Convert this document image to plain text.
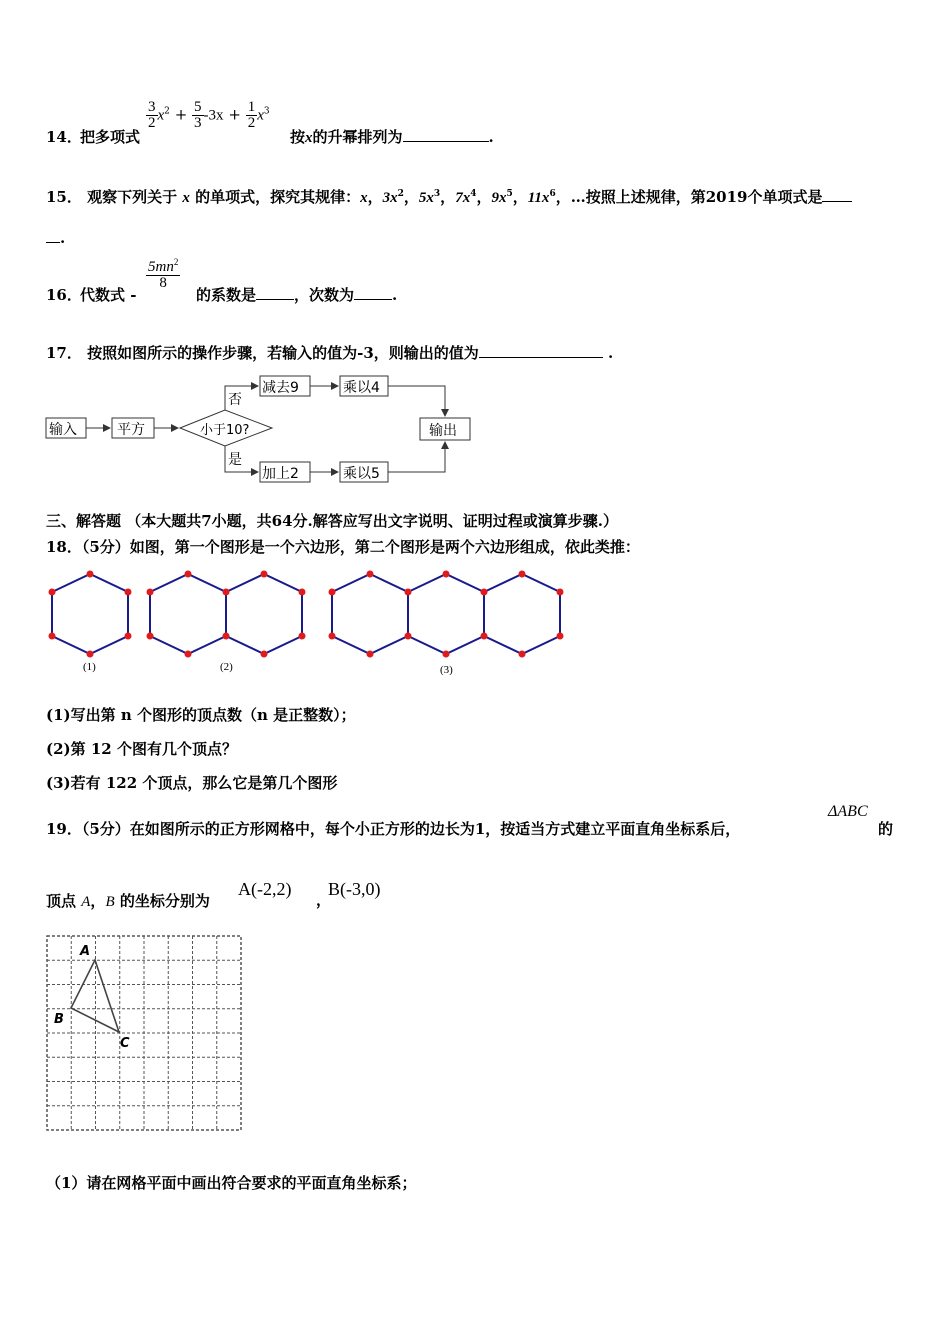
14．
把多项式
$\frac{3}{2} x^2 + \frac{5}{3} -3x + \frac{1}{2} x^3$
按x的升幂排列为	.
15． 观察下列关于 x 的单项式，探究其规律：x，$3x^2$，$5x^3$，$7x^4$，$9x^5$，$11x^6$，…按照上述规律，第2019个单项式是
.
16．
代数式 -
$\frac{5mn^2}{8}$
的系数是	，次数为	.
17． 按照如图所示的操作步骤，若输入的值为-3，则输出的值为	.
输入	平方	小于10?
否
是
减去9	乘以4
加上2	乘以5
输出
三、解答题 （本大题共7小题，共64分.解答应写出文字说明、证明过程或演算步骤.）
18．（5分）如图，第一个图形是一个六边形，第二个图形是两个六边形组成，依此类推：
(1)	(2)	(3)
(1)写出第 n 个图形的顶点数（n 是正整数）；
(2)第 12 个图有几个顶点？
(3)若有 122 个顶点，那么它是第几个图形
19．（5分）在如图所示的正方形网格中，每个小正方形的边长为1，按适当方式建立平面直角坐标系后，
ΔABC
的
顶点 A，B 的坐标分别为
A(-2,2)
，
B(-3,0)
A
B
C
（1）请在网格平面中画出符合要求的平面直角坐标系；
